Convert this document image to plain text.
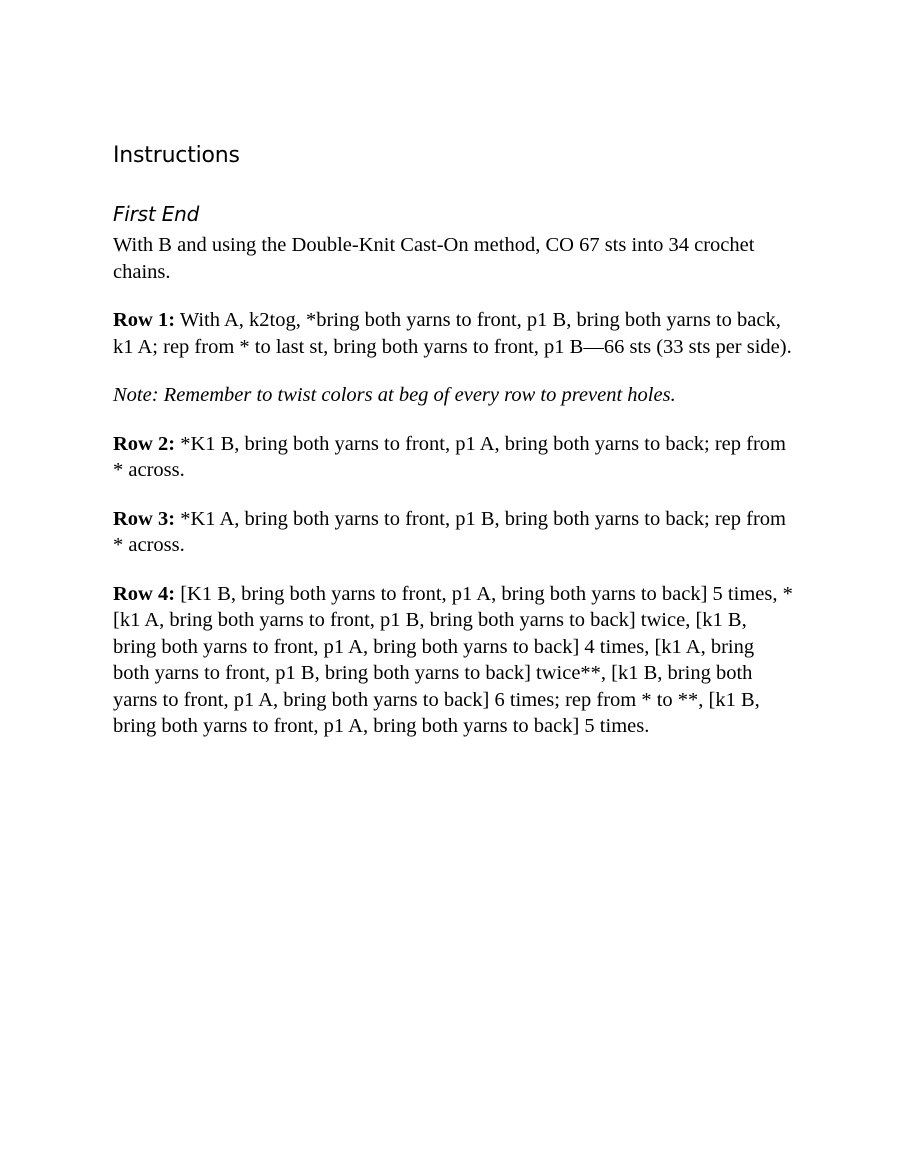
Instructions
First End

With B and using the Double-Knit Cast-On method, CO 67 sts into 34 crochet chains.

Row 1: With A, k2tog, *bring both yarns to front, p1 B, bring both yarns to back, k1 A; rep from * to last st, bring both yarns to front, p1 B—66 sts (33 sts per side).

Note: Remember to twist colors at beg of every row to prevent holes.

Row 2: *K1 B, bring both yarns to front, p1 A, bring both yarns to back; rep from * across.

Row 3: *K1 A, bring both yarns to front, p1 B, bring both yarns to back; rep from * across.

Row 4: [K1 B, bring both yarns to front, p1 A, bring both yarns to back] 5 times, *[k1 A, bring both yarns to front, p1 B, bring both yarns to back] twice, [k1 B, bring both yarns to front, p1 A, bring both yarns to back] 4 times, [k1 A, bring both yarns to front, p1 B, bring both yarns to back] twice**, [k1 B, bring both yarns to front, p1 A, bring both yarns to back] 6 times; rep from * to **, [k1 B, bring both yarns to front, p1 A, bring both yarns to back] 5 times.
